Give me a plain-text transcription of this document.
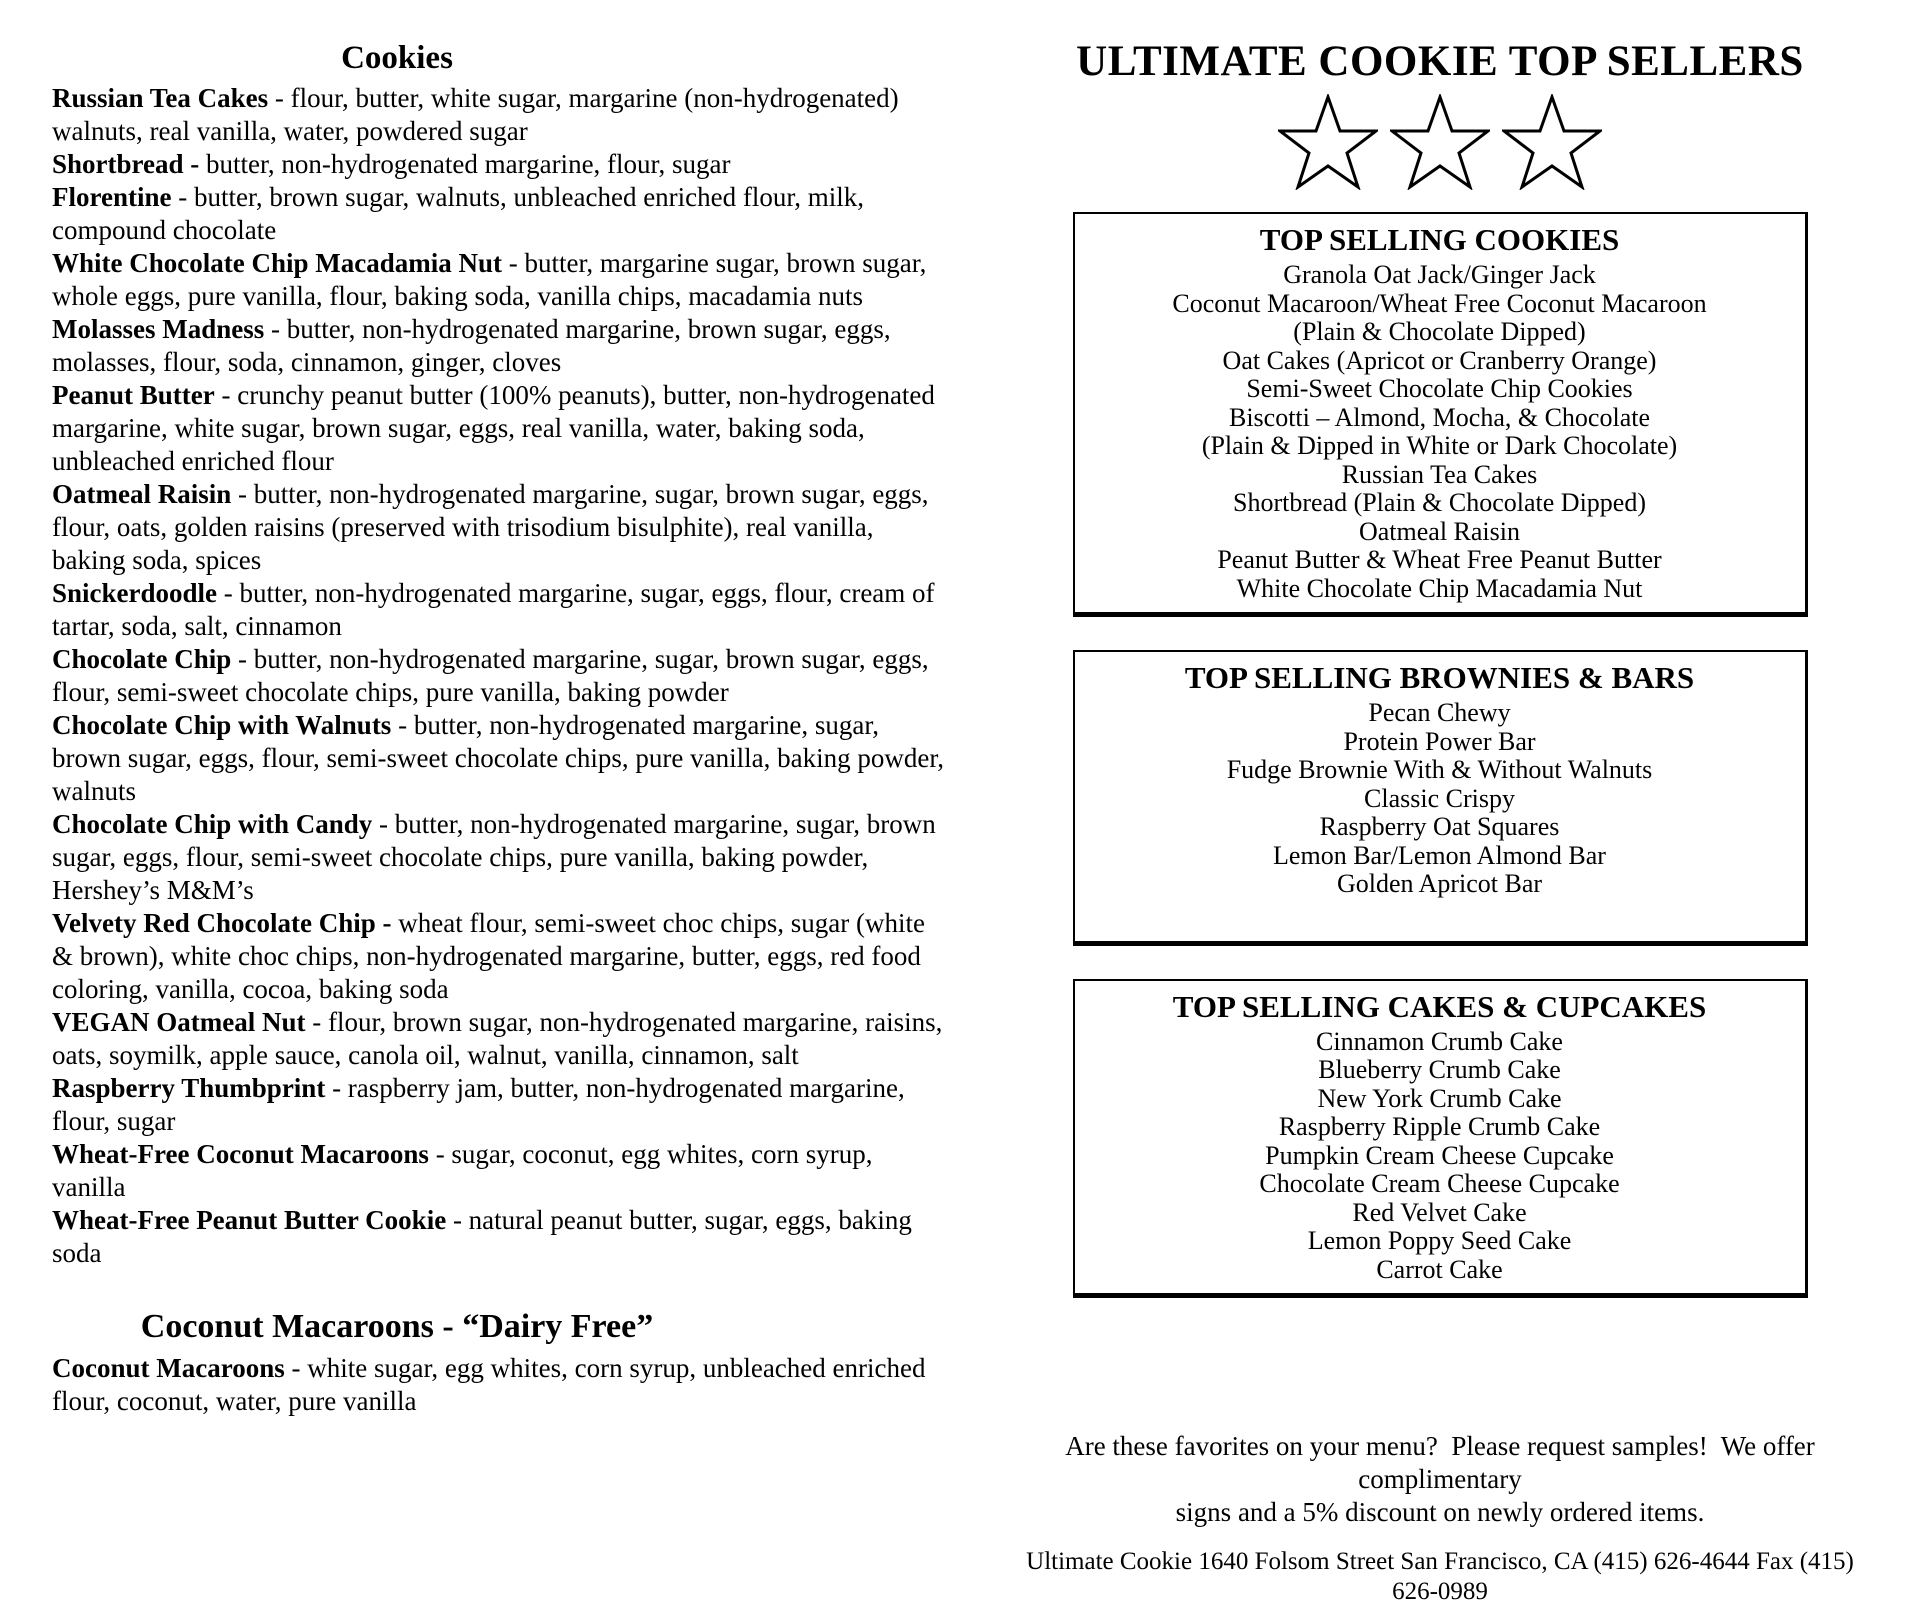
Cookies

Russian Tea Cakes - flour, butter, white sugar, margarine (non-hydrogenated) walnuts, real vanilla, water, powdered sugar

Shortbread - butter, non-hydrogenated margarine, flour, sugar

Florentine - butter, brown sugar, walnuts, unbleached enriched flour, milk, compound chocolate

White Chocolate Chip Macadamia Nut - butter, margarine sugar, brown sugar, whole eggs, pure vanilla, flour, baking soda, vanilla chips, macadamia nuts

Molasses Madness - butter, non-hydrogenated margarine, brown sugar, eggs, molasses, flour, soda, cinnamon, ginger, cloves

Peanut Butter - crunchy peanut butter (100% peanuts), butter, non-hydrogenated margarine, white sugar, brown sugar, eggs, real vanilla, water, baking soda, unbleached enriched flour

Oatmeal Raisin - butter, non-hydrogenated margarine, sugar, brown sugar, eggs, flour, oats, golden raisins (preserved with trisodium bisulphite), real vanilla, baking soda, spices

Snickerdoodle - butter, non-hydrogenated margarine, sugar, eggs, flour, cream of tartar, soda, salt, cinnamon

Chocolate Chip - butter, non-hydrogenated margarine, sugar, brown sugar, eggs, flour, semi-sweet chocolate chips, pure vanilla, baking powder

Chocolate Chip with Walnuts - butter, non-hydrogenated margarine, sugar, brown sugar, eggs, flour, semi-sweet chocolate chips, pure vanilla, baking powder, walnuts

Chocolate Chip with Candy - butter, non-hydrogenated margarine, sugar, brown sugar, eggs, flour, semi-sweet chocolate chips, pure vanilla, baking powder, Hershey’s M&M’s

Velvety Red Chocolate Chip - wheat flour, semi-sweet choc chips, sugar (white & brown), white choc chips, non-hydrogenated margarine, butter, eggs, red food coloring, vanilla, cocoa, baking soda

VEGAN Oatmeal Nut - flour, brown sugar, non-hydrogenated margarine, raisins, oats, soymilk, apple sauce, canola oil, walnut, vanilla, cinnamon, salt

Raspberry Thumbprint - raspberry jam, butter, non-hydrogenated margarine, flour, sugar

Wheat-Free Coconut Macaroons - sugar, coconut, egg whites, corn syrup, vanilla

Wheat-Free Peanut Butter Cookie - natural peanut butter, sugar, eggs, baking soda

Coconut Macaroons - “Dairy Free”

Coconut Macaroons - white sugar, egg whites, corn syrup, unbleached enriched flour, coconut, water, pure vanilla

ULTIMATE COOKIE TOP SELLERS
TOP SELLING COOKIES

Granola Oat Jack/Ginger Jack

Coconut Macaroon/Wheat Free Coconut Macaroon

(Plain & Chocolate Dipped)

Oat Cakes (Apricot or Cranberry Orange)

Semi-Sweet Chocolate Chip Cookies

Biscotti – Almond, Mocha, & Chocolate

(Plain & Dipped in White or Dark Chocolate)

Russian Tea Cakes

Shortbread (Plain & Chocolate Dipped)

Oatmeal Raisin

Peanut Butter & Wheat Free Peanut Butter

White Chocolate Chip Macadamia Nut

TOP SELLING BROWNIES & BARS

Pecan Chewy

Protein Power Bar

Fudge Brownie With & Without Walnuts

Classic Crispy

Raspberry Oat Squares

Lemon Bar/Lemon Almond Bar

Golden Apricot Bar

TOP SELLING CAKES & CUPCAKES

Cinnamon Crumb Cake

Blueberry Crumb Cake

New York Crumb Cake

Raspberry Ripple Crumb Cake

Pumpkin Cream Cheese Cupcake

Chocolate Cream Cheese Cupcake

Red Velvet Cake

Lemon Poppy Seed Cake

Carrot Cake

Are these favorites on your menu?  Please request samples!  We offer complimentary

signs and a 5% discount on newly ordered items.

Ultimate Cookie 1640 Folsom Street San Francisco, CA (415) 626-4644 Fax (415) 626-0989
